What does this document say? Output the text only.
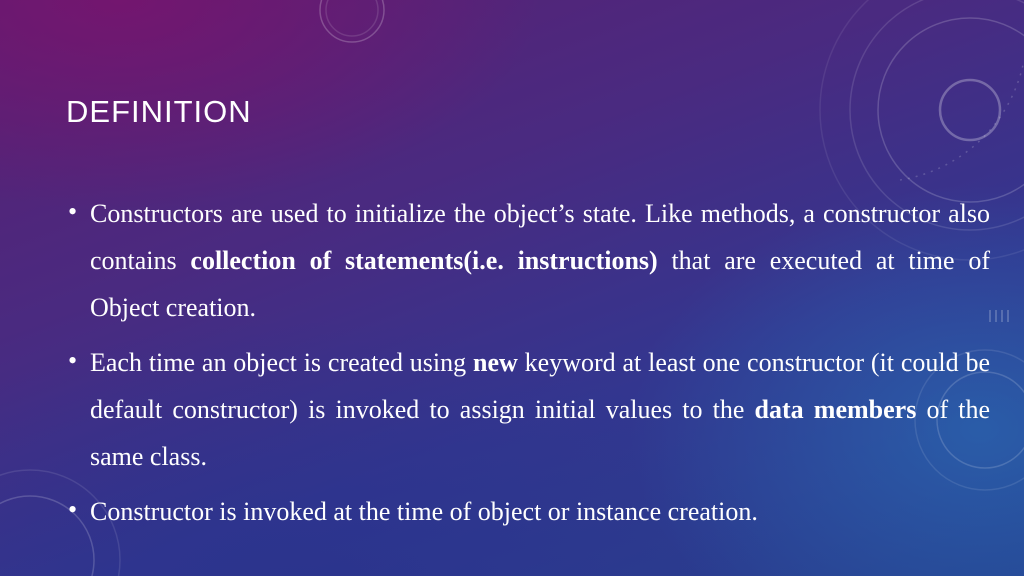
DEFINITION
• Constructors are used to initialize the object’s state. Like methods, a constructor also contains collection of statements(i.e. instructions) that are executed at time of Object creation.
• Each time an object is created using new keyword at least one constructor (it could be default constructor) is invoked to assign initial values to the data members of the same class.
• Constructor is invoked at the time of object or instance creation.
